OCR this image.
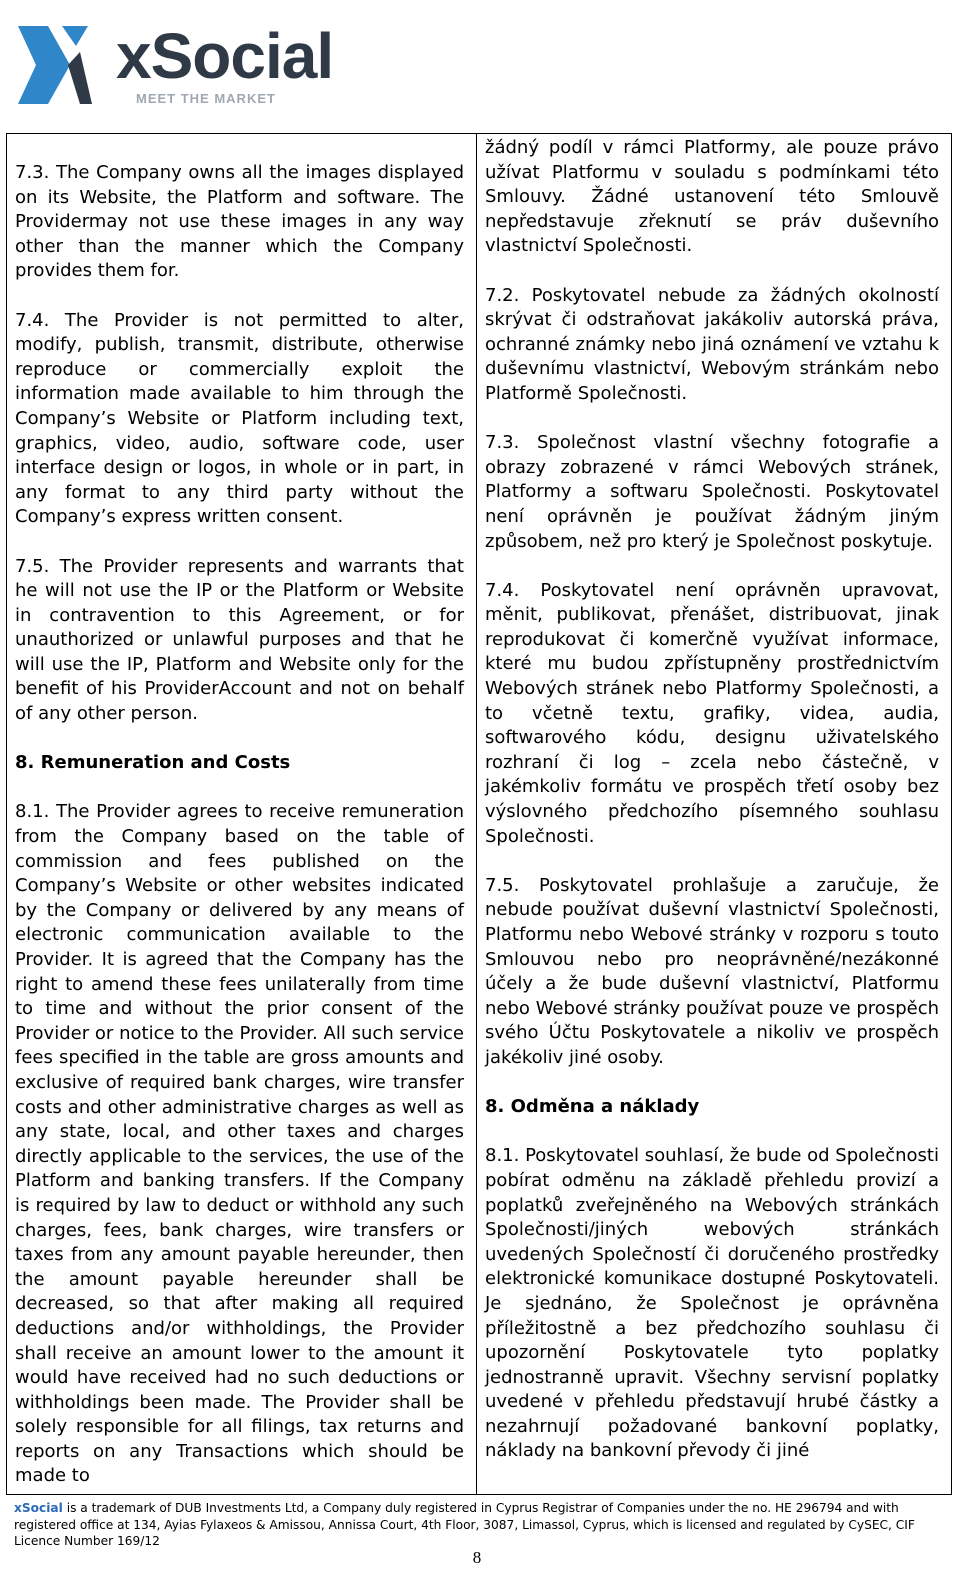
xSocial
MEET THE MARKET

7.3. The Company owns all the images displayed on its Website, the Platform and software. The Providermay not use these images in any way other than the manner which the Company provides them for.

7.4. The Provider is not permitted to alter, modify, publish, transmit, distribute, otherwise reproduce or commercially exploit the information made available to him through the Company’s Website or Platform including text, graphics, video, audio, software code, user interface design or logos, in whole or in part, in any format to any third party without the Company’s express written consent.

7.5. The Provider represents and warrants that he will not use the IP or the Platform or Website in contravention to this Agreement, or for unauthorized or unlawful purposes and that he will use the IP, Platform and Website only for the benefit of his ProviderAccount and not on behalf of any other person.

8. Remuneration and Costs

8.1. The Provider agrees to receive remuneration from the Company based on the table of commission and fees published on the Company’s Website or other websites indicated by the Company or delivered by any means of electronic communication available to the Provider. It is agreed that the Company has the right to amend these fees unilaterally from time to time and without the prior consent of the Provider or notice to the Provider. All such service fees specified in the table are gross amounts and exclusive of required bank charges, wire transfer costs and other administrative charges as well as any state, local, and other taxes and charges directly applicable to the services, the use of the Platform and banking transfers. If the Company is required by law to deduct or withhold any such charges, fees, bank charges, wire transfers or taxes from any amount payable hereunder, then the amount payable hereunder shall be decreased, so that after making all required deductions and/or withholdings, the Provider shall receive an amount lower to the amount it would have received had no such deductions or withholdings been made. The Provider shall be solely responsible for all filings, tax returns and reports on any Transactions which should be made to

žádný podíl v rámci Platformy, ale pouze právo užívat Platformu v souladu s podmínkami této Smlouvy. Žádné ustanovení této Smlouvě nepředstavuje zřeknutí se práv duševního vlastnictví Společnosti.

7.2. Poskytovatel nebude za žádných okolností skrývat či odstraňovat jakákoliv autorská práva, ochranné známky nebo jiná oznámení ve vztahu k duševnímu vlastnictví, Webovým stránkám nebo Platformě Společnosti.

7.3. Společnost vlastní všechny fotografie a obrazy zobrazené v rámci Webových stránek, Platformy a softwaru Společnosti. Poskytovatel není oprávněn je používat žádným jiným způsobem, než pro který je Společnost poskytuje.

7.4. Poskytovatel není oprávněn upravovat, měnit, publikovat, přenášet, distribuovat, jinak reprodukovat či komerčně využívat informace, které mu budou zpřístupněny prostřednictvím Webových stránek nebo Platformy Společnosti, a to včetně textu, grafiky, videa, audia, softwarového kódu, designu uživatelského rozhraní či log – zcela nebo částečně, v jakémkoliv formátu ve prospěch třetí osoby bez výslovného předchozího písemného souhlasu Společnosti.

7.5. Poskytovatel prohlašuje a zaručuje, že nebude používat duševní vlastnictví Společnosti, Platformu nebo Webové stránky v rozporu s touto Smlouvou nebo pro neoprávněné/nezákonné účely a že bude duševní vlastnictví, Platformu nebo Webové stránky používat pouze ve prospěch svého Účtu Poskytovatele a nikoliv ve prospěch jakékoliv jiné osoby.

8. Odměna a náklady

8.1. Poskytovatel souhlasí, že bude od Společnosti pobírat odměnu na základě přehledu provizí a poplatků zveřejněného na Webových stránkách Společnosti/jiných webových stránkách uvedených Společností či doručeného prostředky elektronické komunikace dostupné Poskytovateli. Je sjednáno, že Společnost je oprávněna příležitostně a bez předchozího souhlasu či upozornění Poskytovatele tyto poplatky jednostranně upravit. Všechny servisní poplatky uvedené v přehledu představují hrubé částky a nezahrnují požadované bankovní poplatky, náklady na bankovní převody či jiné

xSocial is a trademark of DUB Investments Ltd, a Company duly registered in Cyprus Registrar of Companies under the no. HE 296794 and with registered office at 134, Ayias Fylaxeos & Amissou, Annissa Court, 4th Floor, 3087, Limassol, Cyprus, which is licensed and regulated by CySEC, CIF Licence Number 169/12
8
